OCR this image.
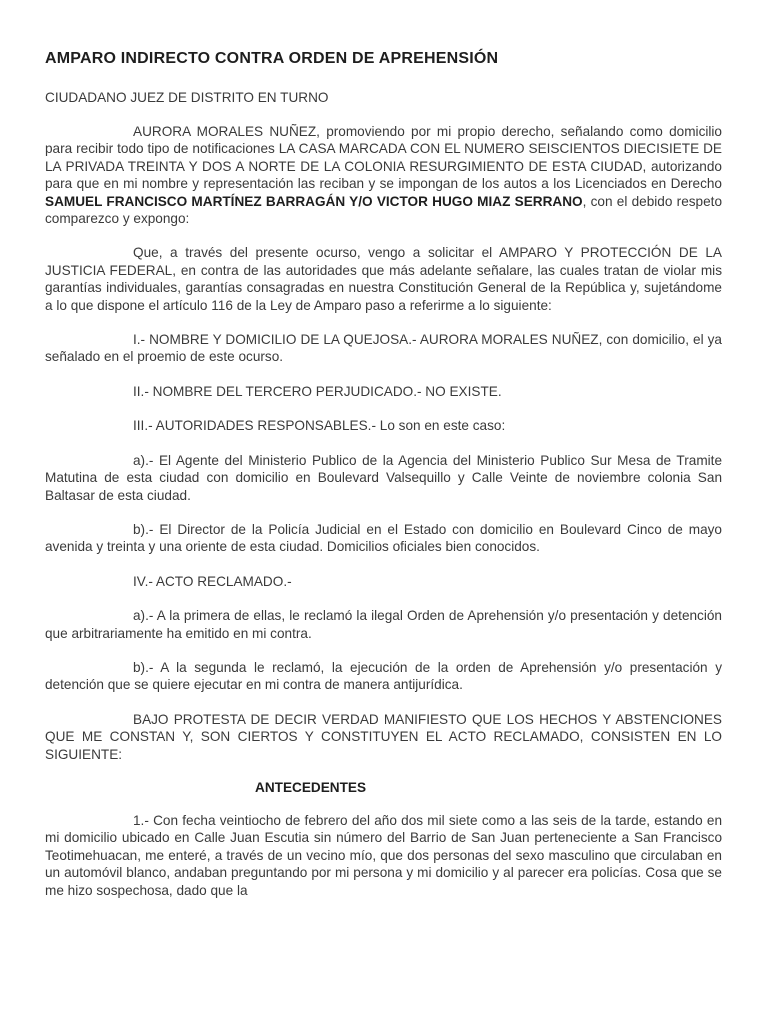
AMPARO INDIRECTO CONTRA ORDEN DE APREHENSIÓN
CIUDADANO JUEZ DE DISTRITO EN TURNO

AURORA MORALES NUÑEZ, promoviendo por mi propio derecho, señalando como domicilio para recibir todo tipo de notificaciones LA CASA MARCADA CON EL NUMERO SEISCIENTOS DIECISIETE DE LA PRIVADA TREINTA Y DOS A NORTE DE LA COLONIA RESURGIMIENTO DE ESTA CIUDAD, autorizando para que en mi nombre y representación las reciban y se impongan de los autos a los Licenciados en Derecho SAMUEL FRANCISCO MARTÍNEZ BARRAGÁN Y/O VICTOR HUGO MIAZ SERRANO, con el debido respeto comparezco y expongo:

Que, a través del presente ocurso, vengo a solicitar el AMPARO Y PROTECCIÓN DE LA JUSTICIA FEDERAL, en contra de las autoridades que más adelante señalare, las cuales tratan de violar mis garantías individuales, garantías consagradas en nuestra Constitución General de la República y, sujetándome a lo que dispone el artículo 116 de la Ley de Amparo paso a referirme a lo siguiente:

I.- NOMBRE Y DOMICILIO DE LA QUEJOSA.- AURORA MORALES NUÑEZ, con domicilio, el ya señalado en el proemio de este ocurso.

II.- NOMBRE DEL TERCERO PERJUDICADO.- NO EXISTE.

III.- AUTORIDADES RESPONSABLES.- Lo son en este caso:

a).- El Agente del Ministerio Publico de la Agencia del Ministerio Publico Sur Mesa de Tramite Matutina de esta ciudad con domicilio en Boulevard Valsequillo y Calle Veinte de noviembre colonia San Baltasar de esta ciudad.

b).- El Director de la Policía Judicial en el Estado con domicilio en Boulevard Cinco de mayo avenida y treinta y una oriente de esta ciudad. Domicilios oficiales bien conocidos.

IV.- ACTO RECLAMADO.-

a).- A la primera de ellas, le reclamó la ilegal Orden de Aprehensión y/o presentación y detención que arbitrariamente ha emitido en mi contra.

b).- A la segunda le reclamó, la ejecución de la orden de Aprehensión y/o presentación y detención que se quiere ejecutar en mi contra de manera antijurídica.

BAJO PROTESTA DE DECIR VERDAD MANIFIESTO QUE LOS HECHOS Y ABSTENCIONES QUE ME CONSTAN Y, SON CIERTOS Y CONSTITUYEN EL ACTO RECLAMADO, CONSISTEN EN LO SIGUIENTE:

ANTECEDENTES

1.- Con fecha veintiocho de febrero del año dos mil siete como a las seis de la tarde, estando en mi domicilio ubicado en Calle Juan Escutia sin número del Barrio de San Juan perteneciente a San Francisco Teotimehuacan, me enteré, a través de un vecino mío, que dos personas del sexo masculino que circulaban en un automóvil blanco, andaban preguntando por mi persona y mi domicilio y al parecer era policías. Cosa que se me hizo sospechosa, dado que la
